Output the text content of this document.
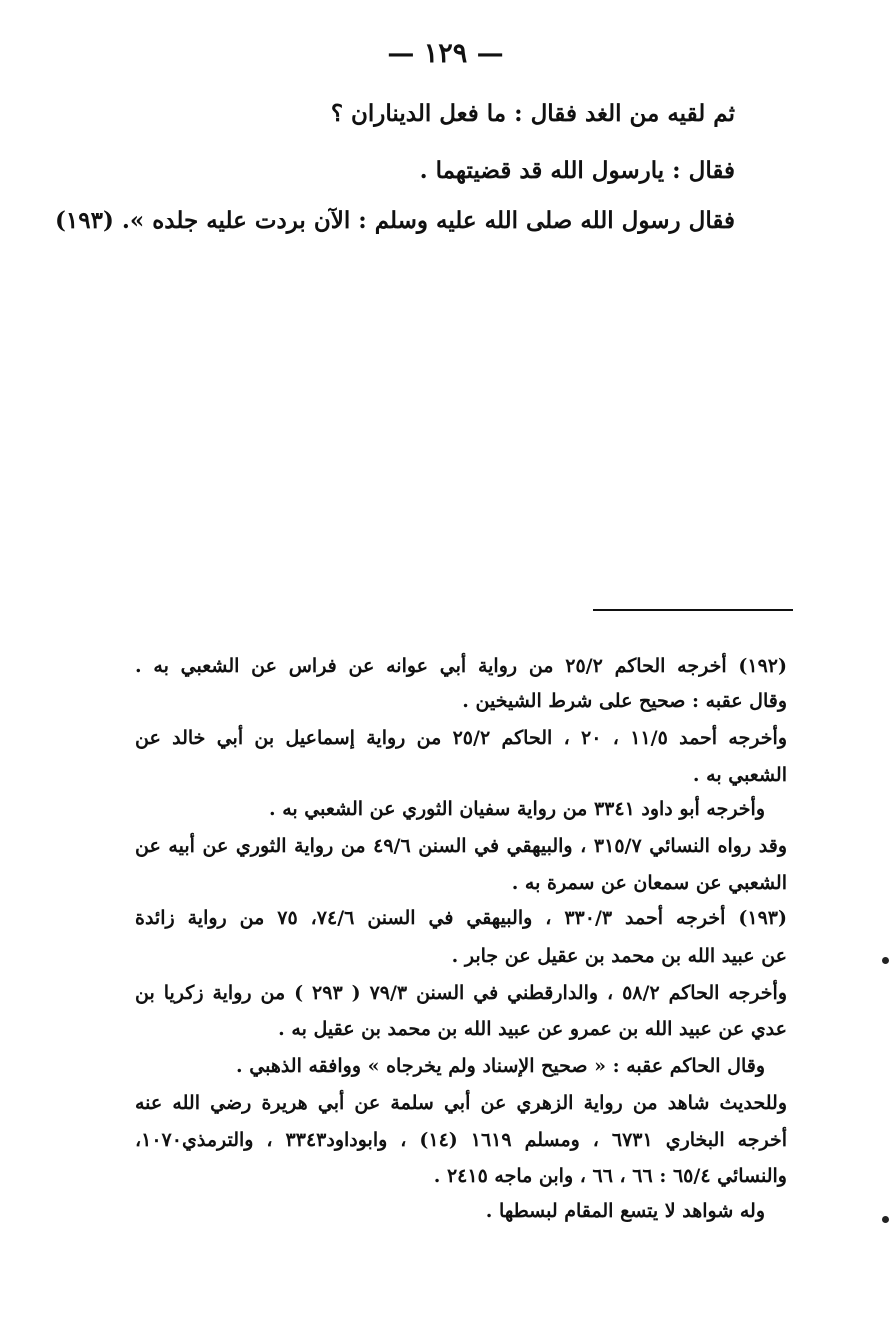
— ١٢٩ —
ثم لقيه من الغد فقال : ما فعل الديناران ؟
فقال : يارسول الله قد قضيتهما .
فقال رسول الله صلى الله عليه وسلم : الآن بردت عليه جلده ». (١٩٣)
(١٩٢) أخرجه الحاكم ٢٥/٢ من رواية أبي عوانه عن فراس عن الشعبي به .
وقال عقبه : صحيح على شرط الشيخين .
وأخرجه أحمد ١١/٥ ، ٢٠ ، الحاكم ٢٥/٢ من رواية إسماعيل بن أبي خالد عن
الشعبي به .
وأخرجه أبو داود ٣٣٤١ من رواية سفيان الثوري عن الشعبي به .
وقد رواه النسائي ٣١٥/٧ ، والبيهقي في السنن ٤٩/٦ من رواية الثوري عن أبيه عن
الشعبي عن سمعان عن سمرة به .
(١٩٣) أخرجه أحمد ٣٣٠/٣ ، والبيهقي في السنن ٧٤/٦، ٧٥ من رواية زائدة
عن عبيد الله بن محمد بن عقيل عن جابر .
وأخرجه الحاكم ٥٨/٢ ، والدارقطني في السنن ٧٩/٣ ( ٢٩٣ ) من رواية زكريا بن
عدي عن عبيد الله بن عمرو عن عبيد الله بن محمد بن عقيل به .
وقال الحاكم عقبه : « صحيح الإسناد ولم يخرجاه » ووافقه الذهبي .
وللحديث شاهد من رواية الزهري عن أبي سلمة عن أبي هريرة رضي الله عنه
أخرجه البخاري ٦٧٣١ ، ومسلم ١٦١٩ (١٤) ، وابوداود٣٣٤٣ ، والترمذي١٠٧٠،
والنسائي ٦٥/٤ : ٦٦ ، ٦٦ ، وابن ماجه ٢٤١٥ .
وله شواهد لا يتسع المقام لبسطها .
